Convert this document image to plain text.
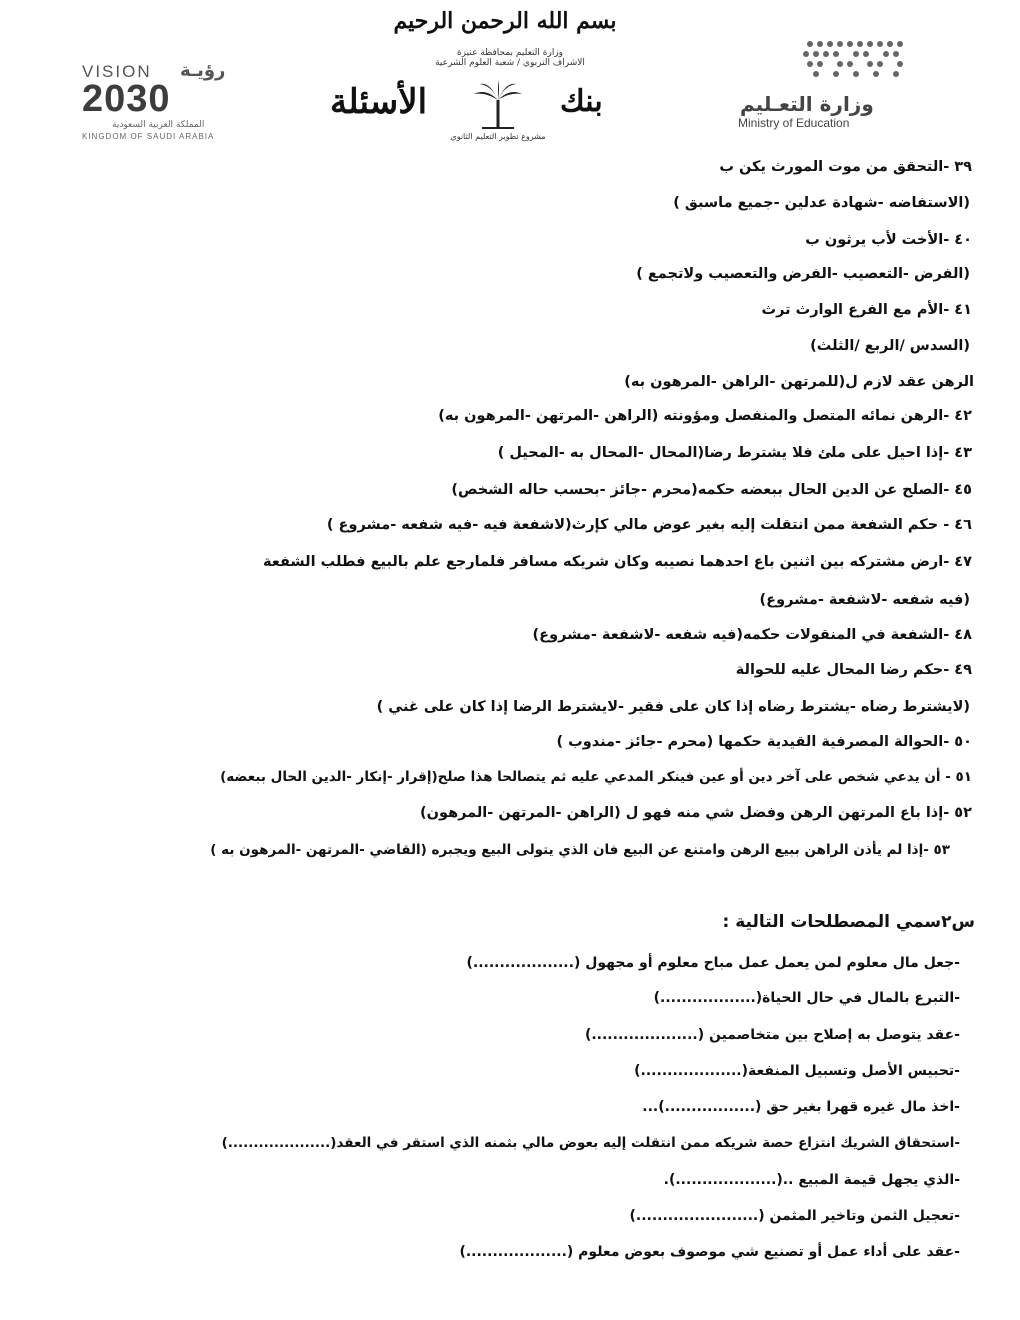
بسم الله الرحمن الرحيم
وزارة التعليم بمحافظة عنيزة
الاشراف التربوي / شعبة العلوم الشرعية
VISION رؤيـة
2030
المملكة العربية السعودية
KINGDOM OF SAUDI ARABIA
الأسئلة	بنك
مشروع تطوير التعليم الثانوي
وزارة التعـليم
Ministry of Education
٣٩ -التحقق من موت المورث يكن ب
(الاستفاضه -شهادة عدلين -جميع ماسبق )
٤٠ -الأخت لأب يرثون ب
(الفرض -التعصيب -الفرض والتعصيب ولاتجمع )
٤١ -الأم مع الفرع الوارث ترث
(السدس /الربع /الثلث)
الرهن عقد لازم ل(للمرتهن -الراهن -المرهون به)
٤٢ -الرهن نمائه المتصل والمنفصل ومؤونته (الراهن -المرتهن -المرهون به)
٤٣ -إذا احيل على ملئ فلا يشترط رضا(المحال -المحال به -المحيل )
٤٥ -الصلح عن الدين الحال ببعضه حكمه(محرم -جائز -بحسب حاله الشخص)
٤٦ - حكم الشفعة ممن انتقلت إليه بغير عوض مالي كإرث(لاشفعة فيه -فيه شفعه -مشروع )
٤٧ -ارض مشتركه بين اثنين باع احدهما نصيبه وكان شريكه مسافر فلمارجع علم بالبيع فطلب الشفعة
(فيه شفعه -لاشفعة -مشروع)
٤٨ -الشفعة في المنقولات حكمه(فيه شفعه -لاشفعة -مشروع)
٤٩ -حكم رضا المحال عليه للحوالة
(لايشترط رضاه -يشترط رضاه إذا كان على فقير -لايشترط الرضا إذا كان على غني )
٥٠ -الحوالة المصرفية القيدية حكمها (محرم -جائز -مندوب )
٥١ - أن يدعي شخص على آخر دين أو عين فينكر المدعي عليه ثم يتصالحا هذا صلح(إقرار -إنكار -الدين الحال ببعضه)
٥٢ -إذا باع المرتهن الرهن وفضل شي منه فهو ل (الراهن -المرتهن -المرهون)
٥٣ -إذا لم يأذن الراهن ببيع الرهن وامتنع عن البيع فان الذي يتولى البيع ويجبره (القاضي -المرتهن -المرهون به )
س٢سمي المصطلحات التالية :
-جعل مال معلوم لمن يعمل عمل مباح معلوم أو مجهول (...................)
-التبرع بالمال في حال الحياة(..................)
-عقد يتوصل به إصلاح بين متخاصمين (....................)
-تحبيس الأصل وتسبيل المنفعة(...................)
-اخذ مال غيره قهرا بغير حق (.................)...
-استحقاق الشريك انتزاع حصة شريكه ممن انتقلت إليه بعوض مالي بثمنه الذي استقر في العقد(....................)
-الذي يجهل قيمة المبيع ..(...................).
-تعجيل الثمن وتاخير المثمن (.......................)
-عقد على أداء عمل أو تصنيع شي موصوف بعوض معلوم (...................)
